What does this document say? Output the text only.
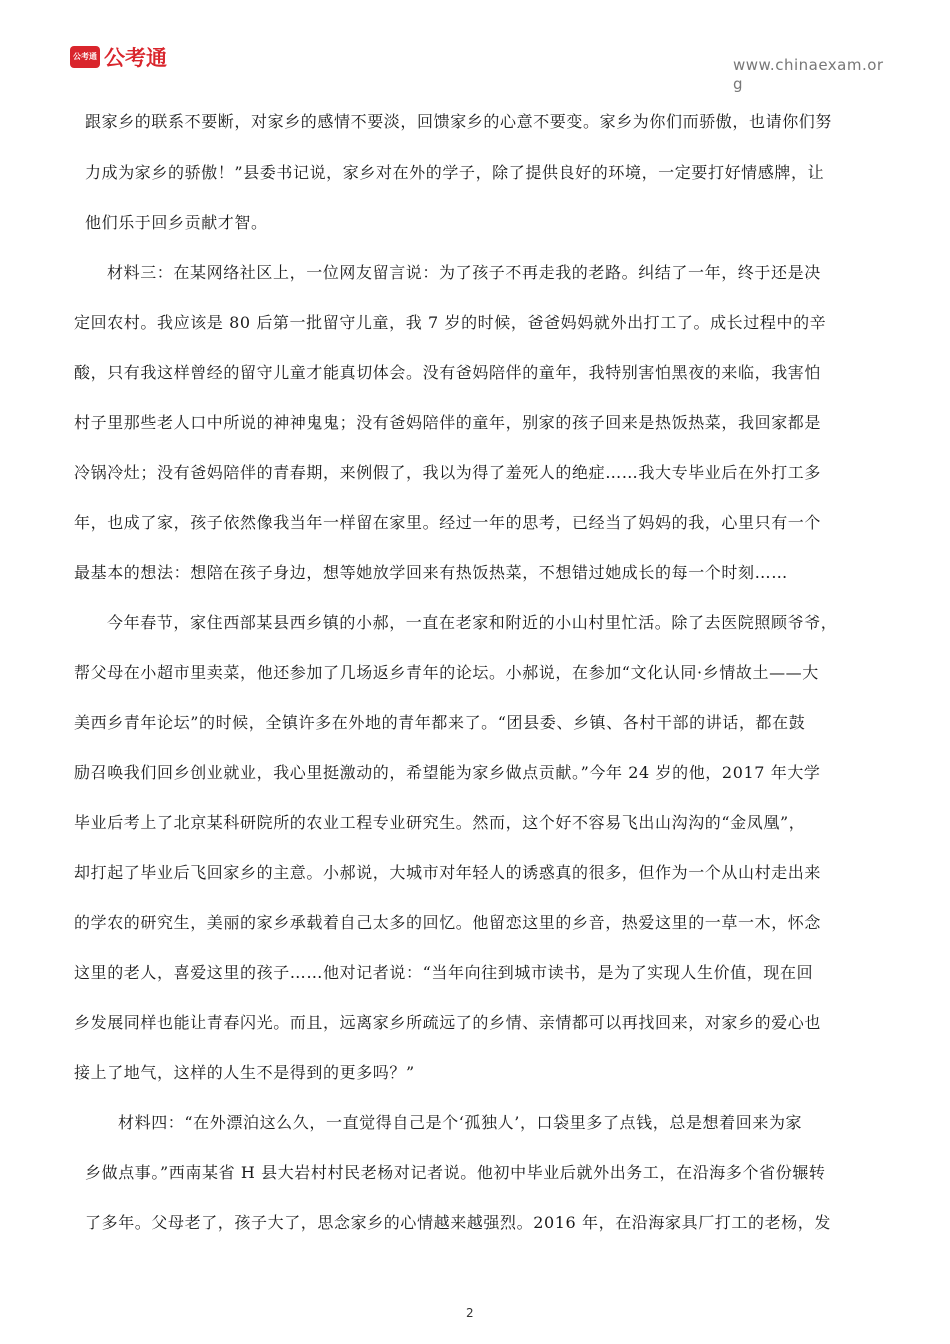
公考通 公考通	www.chinaexam.org
跟家乡的联系不要断，对家乡的感情不要淡，回馈家乡的心意不要变。家乡为你们而骄傲，也请你们努
力成为家乡的骄傲！”县委书记说，家乡对在外的学子，除了提供良好的环境，一定要打好情感牌，让
他们乐于回乡贡献才智。
材料三：在某网络社区上，一位网友留言说：为了孩子不再走我的老路。纠结了一年，终于还是决
定回农村。我应该是 80 后第一批留守儿童，我 7 岁的时候，爸爸妈妈就外出打工了。成长过程中的辛
酸，只有我这样曾经的留守儿童才能真切体会。没有爸妈陪伴的童年，我特别害怕黑夜的来临，我害怕
村子里那些老人口中所说的神神鬼鬼；没有爸妈陪伴的童年，别家的孩子回来是热饭热菜，我回家都是
冷锅冷灶；没有爸妈陪伴的青春期，来例假了，我以为得了羞死人的绝症……我大专毕业后在外打工多
年，也成了家，孩子依然像我当年一样留在家里。经过一年的思考，已经当了妈妈的我，心里只有一个
最基本的想法：想陪在孩子身边，想等她放学回来有热饭热菜，不想错过她成长的每一个时刻……
今年春节，家住西部某县西乡镇的小郝，一直在老家和附近的小山村里忙活。除了去医院照顾爷爷，
帮父母在小超市里卖菜，他还参加了几场返乡青年的论坛。小郝说，在参加“文化认同·乡情故土——大
美西乡青年论坛”的时候，全镇许多在外地的青年都来了。“团县委、乡镇、各村干部的讲话，都在鼓
励召唤我们回乡创业就业，我心里挺激动的，希望能为家乡做点贡献。”今年 24 岁的他，2017 年大学
毕业后考上了北京某科研院所的农业工程专业研究生。然而，这个好不容易飞出山沟沟的“金凤凰”，
却打起了毕业后飞回家乡的主意。小郝说，大城市对年轻人的诱惑真的很多，但作为一个从山村走出来
的学农的研究生，美丽的家乡承载着自己太多的回忆。他留恋这里的乡音，热爱这里的一草一木，怀念
这里的老人，喜爱这里的孩子……他对记者说：“当年向往到城市读书，是为了实现人生价值，现在回
乡发展同样也能让青春闪光。而且，远离家乡所疏远了的乡情、亲情都可以再找回来，对家乡的爱心也
接上了地气，这样的人生不是得到的更多吗？”
材料四：“在外漂泊这么久，一直觉得自己是个‘孤独人’，口袋里多了点钱，总是想着回来为家
乡做点事。”西南某省 H 县大岩村村民老杨对记者说。他初中毕业后就外出务工，在沿海多个省份辗转
了多年。父母老了，孩子大了，思念家乡的心情越来越强烈。2016 年，在沿海家具厂打工的老杨，发
2
